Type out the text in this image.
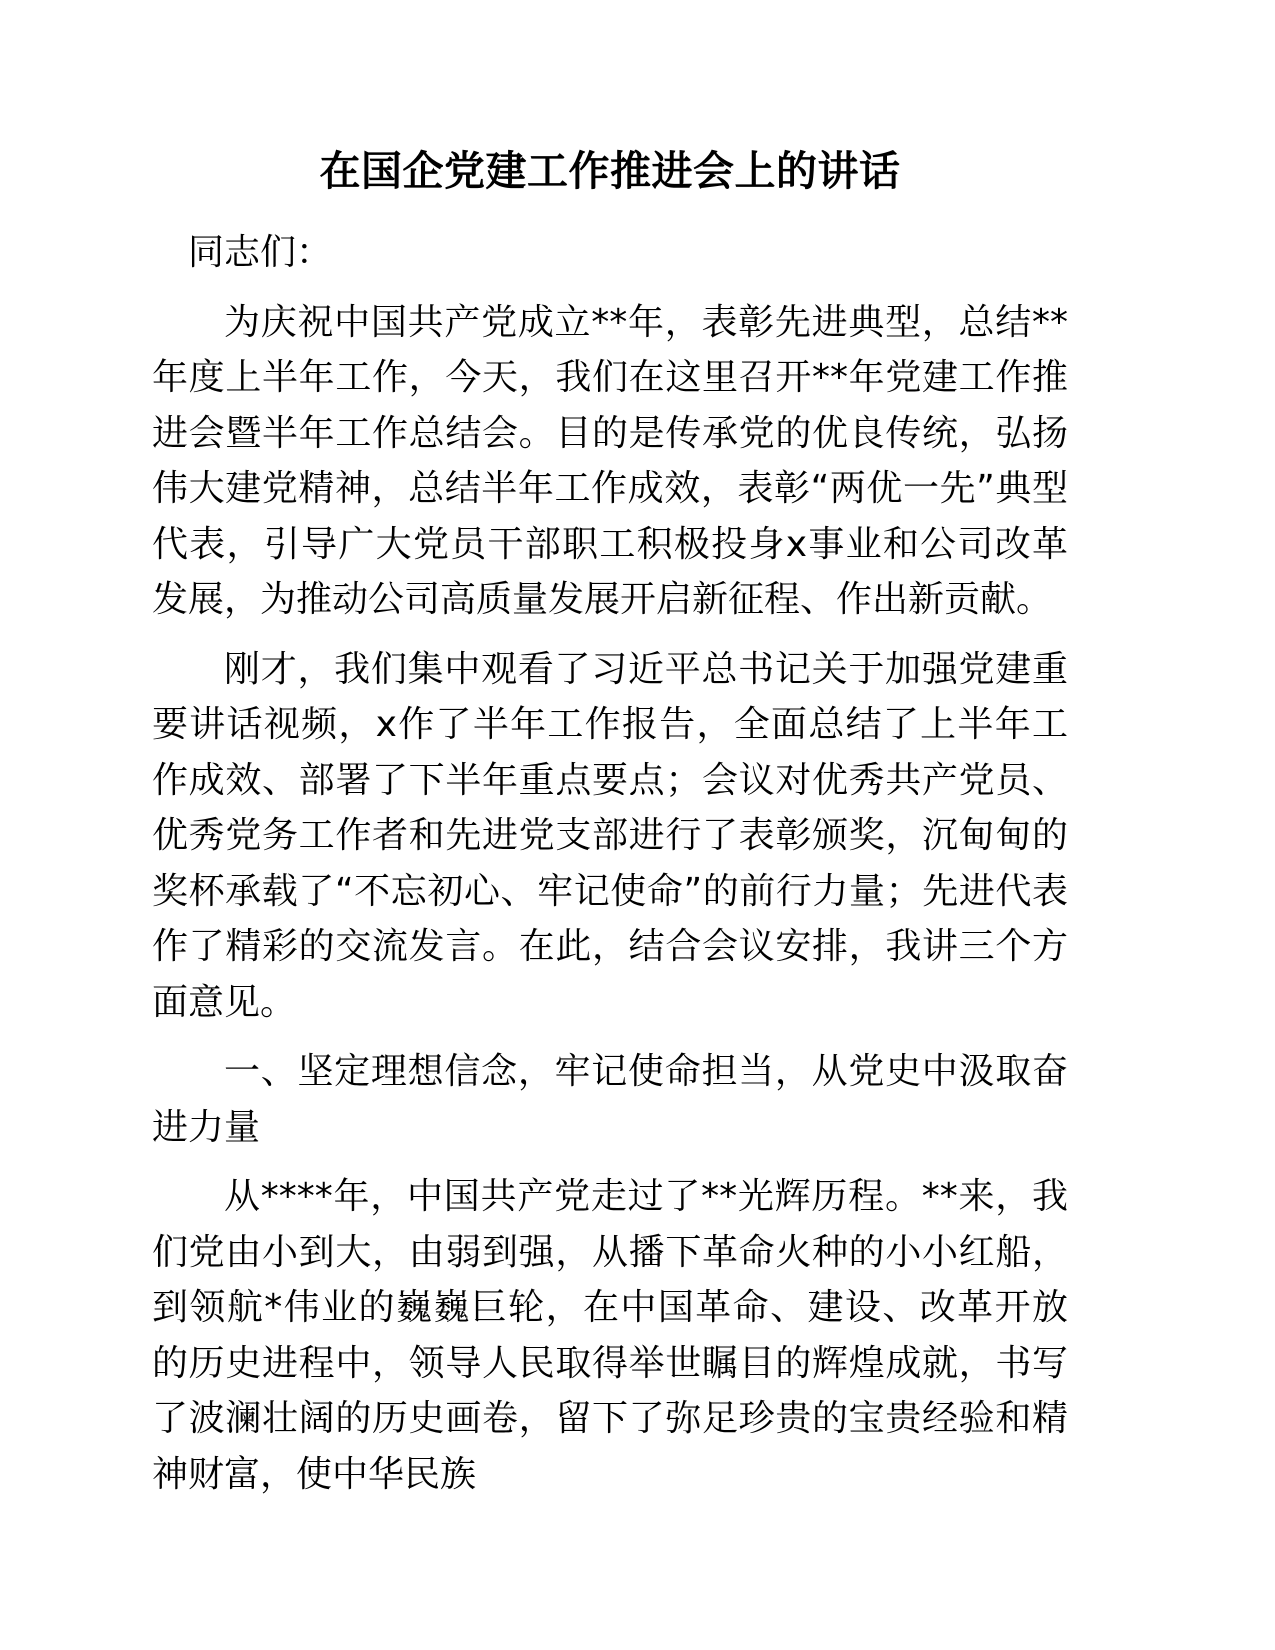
在国企党建工作推进会上的讲话

同志们：

为庆祝中国共产党成立**年，表彰先进典型，总结**年度上半年工作，今天，我们在这里召开**年党建工作推进会暨半年工作总结会。目的是传承党的优良传统，弘扬伟大建党精神，总结半年工作成效，表彰“两优一先”典型代表，引导广大党员干部职工积极投身x事业和公司改革发展，为推动公司高质量发展开启新征程、作出新贡献。

刚才，我们集中观看了习近平总书记关于加强党建重要讲话视频，x作了半年工作报告，全面总结了上半年工作成效、部署了下半年重点要点；会议对优秀共产党员、优秀党务工作者和先进党支部进行了表彰颁奖，沉甸甸的奖杯承载了“不忘初心、牢记使命”的前行力量；先进代表作了精彩的交流发言。在此，结合会议安排，我讲三个方面意见。

一、坚定理想信念，牢记使命担当，从党史中汲取奋进力量

从****年，中国共产党走过了**光辉历程。**来，我们党由小到大，由弱到强，从播下革命火种的小小红船，到领航*伟业的巍巍巨轮，在中国革命、建设、改革开放的历史进程中，领导人民取得举世瞩目的辉煌成就，书写了波澜壮阔的历史画卷，留下了弥足珍贵的宝贵经验和精神财富，使中华民族
